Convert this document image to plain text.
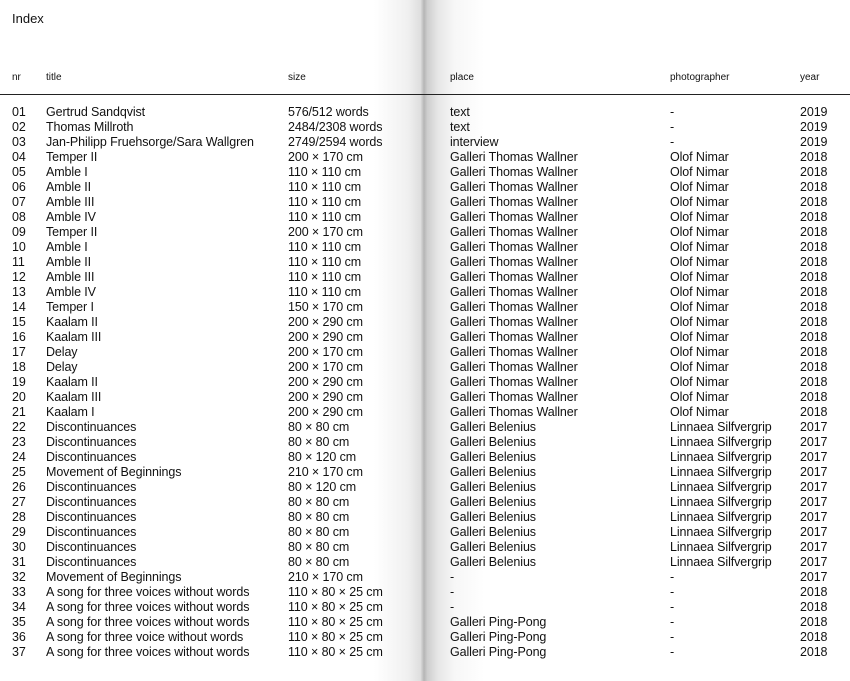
Index
nr	title	size	place	photographer	year
01 Gertrud Sandqvist	576/512 words	text	-	2019
02 Thomas Millroth	2484/2308 words	text	-	2019
03 Jan-Philipp Fruehsorge/Sara Wallgren	2749/2594 words	interview	-	2019
04 Temper II	200 × 170 cm	Galleri Thomas Wallner	Olof Nimar	2018
05 Amble I	110 × 110 cm	Galleri Thomas Wallner	Olof Nimar	2018
06 Amble II	110 × 110 cm	Galleri Thomas Wallner	Olof Nimar	2018
07 Amble III	110 × 110 cm	Galleri Thomas Wallner	Olof Nimar	2018
08 Amble IV	110 × 110 cm	Galleri Thomas Wallner	Olof Nimar	2018
09 Temper II	200 × 170 cm	Galleri Thomas Wallner	Olof Nimar	2018
10 Amble I	110 × 110 cm	Galleri Thomas Wallner	Olof Nimar	2018
11 Amble II	110 × 110 cm	Galleri Thomas Wallner	Olof Nimar	2018
12 Amble III	110 × 110 cm	Galleri Thomas Wallner	Olof Nimar	2018
13 Amble IV	110 × 110 cm	Galleri Thomas Wallner	Olof Nimar	2018
14 Temper I	150 × 170 cm	Galleri Thomas Wallner	Olof Nimar	2018
15 Kaalam II	200 × 290 cm	Galleri Thomas Wallner	Olof Nimar	2018
16 Kaalam III	200 × 290 cm	Galleri Thomas Wallner	Olof Nimar	2018
17 Delay	200 × 170 cm	Galleri Thomas Wallner	Olof Nimar	2018
18 Delay	200 × 170 cm	Galleri Thomas Wallner	Olof Nimar	2018
19 Kaalam II	200 × 290 cm	Galleri Thomas Wallner	Olof Nimar	2018
20 Kaalam III	200 × 290 cm	Galleri Thomas Wallner	Olof Nimar	2018
21 Kaalam I	200 × 290 cm	Galleri Thomas Wallner	Olof Nimar	2018
22 Discontinuances	80 × 80 cm	Galleri Belenius	Linnaea Silfvergrip 2017
23 Discontinuances	80 × 80 cm	Galleri Belenius	Linnaea Silfvergrip 2017
24 Discontinuances	80 × 120 cm	Galleri Belenius	Linnaea Silfvergrip 2017
25 Movement of Beginnings	210 × 170 cm	Galleri Belenius	Linnaea Silfvergrip 2017
26 Discontinuances	80 × 120 cm	Galleri Belenius	Linnaea Silfvergrip 2017
27 Discontinuances	80 × 80 cm	Galleri Belenius	Linnaea Silfvergrip 2017
28 Discontinuances	80 × 80 cm	Galleri Belenius	Linnaea Silfvergrip 2017
29 Discontinuances	80 × 80 cm	Galleri Belenius	Linnaea Silfvergrip 2017
30 Discontinuances	80 × 80 cm	Galleri Belenius	Linnaea Silfvergrip 2017
31 Discontinuances	80 × 80 cm	Galleri Belenius	Linnaea Silfvergrip 2017
32 Movement of Beginnings	210 × 170 cm	-	-	2017
33 A song for three voices without words	110 × 80 × 25 cm	-	-	2018
34 A song for three voices without words	110 × 80 × 25 cm	-	-	2018
35 A song for three voices without words	110 × 80 × 25 cm	Galleri Ping-Pong	-	2018
36 A song for three voice without words	110 × 80 × 25 cm	Galleri Ping-Pong	-	2018
37 A song for three voices without words	110 × 80 × 25 cm	Galleri Ping-Pong	-	2018
